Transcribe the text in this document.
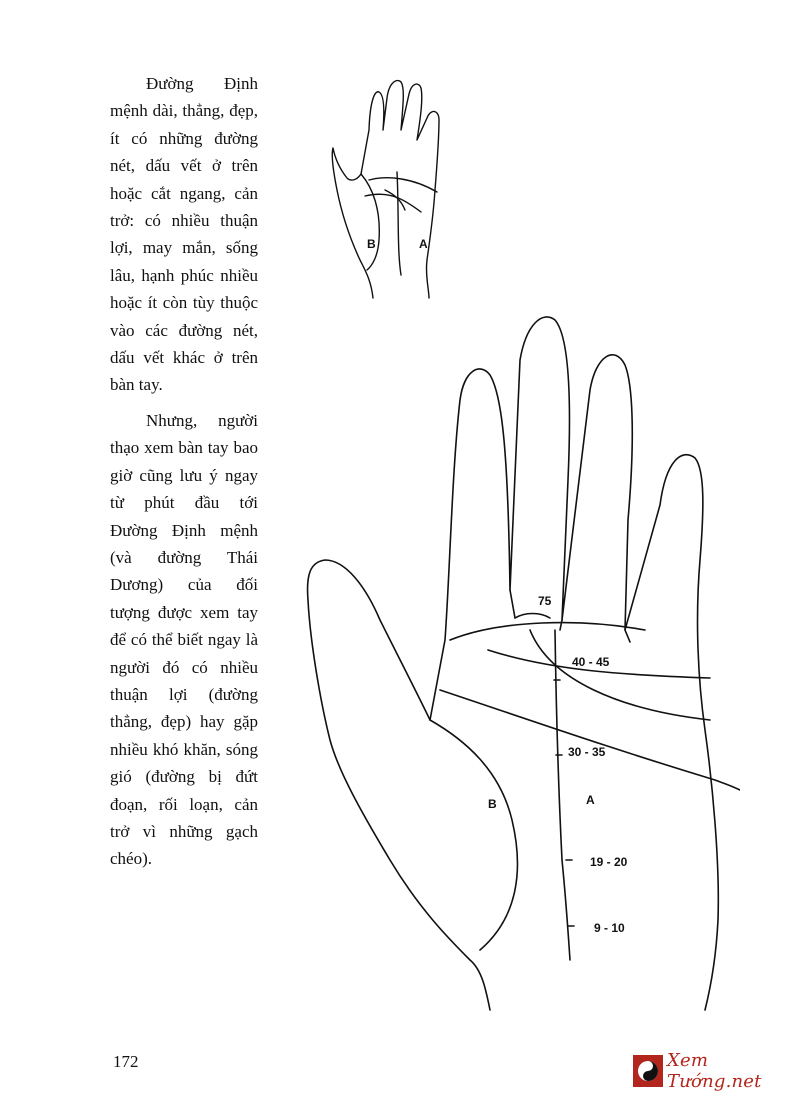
Đường Định mệnh dài, thẳng, đẹp, ít có những đường nét, dấu vết ở trên hoặc cắt ngang, cản trở: có nhiều thuận lợi, may mắn, sống lâu, hạnh phúc nhiều hoặc ít còn tùy thuộc vào các đường nét, dấu vết khác ở trên bàn tay.

Nhưng, người thạo xem bàn tay bao giờ cũng lưu ý ngay từ phút đầu tới Đường Định mệnh (và đường Thái Dương) của đối tượng được xem tay để có thể biết ngay là người đó có nhiều thuận lợi (đường thẳng, đẹp) hay gặp nhiều khó khăn, sóng gió (đường bị đứt đoạn, rối loạn, cản trở vì những gạch chéo).

B	A
B	A
75
40 - 45
30 - 35
19 - 20
9 - 10
172	Xem Tướng.net
